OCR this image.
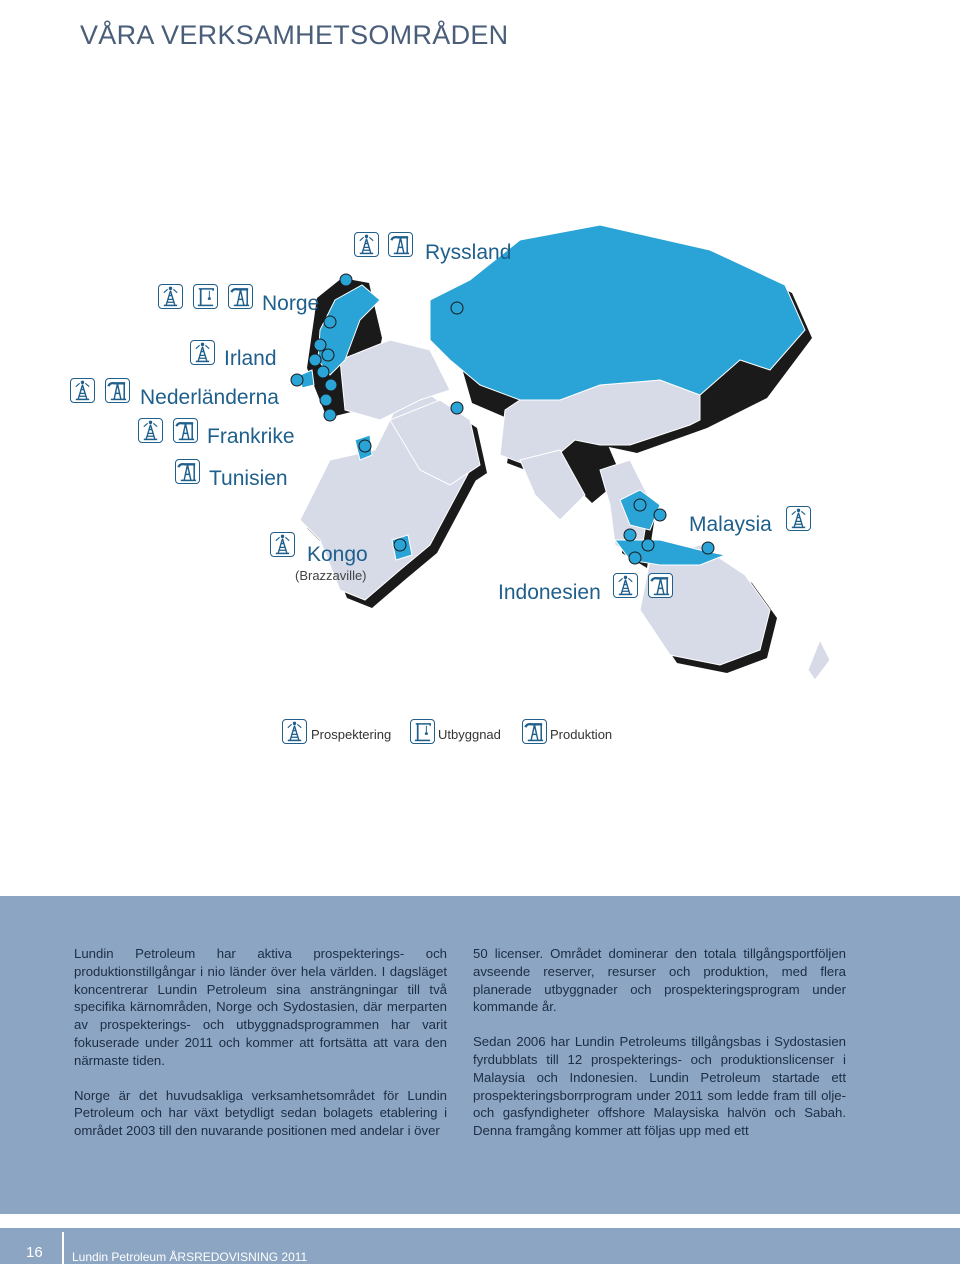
VÅRA VERKSAMHETSOMRÅDEN
Ryssland
Norge
Irland
Nederländerna
Frankrike
Tunisien
Kongo
(Brazzaville)
Malaysia
Indonesien
Prospektering	Utbyggnad	Produktion

Lundin Petroleum har aktiva prospekterings- och produktionstillgångar i nio länder över hela världen. I dagsläget koncentrerar Lundin Petroleum sina ansträngningar till två specifika kärnområden, Norge och Sydostasien, där merparten av prospekterings- och utbyggnadsprogrammen har varit fokuserade under 2011 och kommer att fortsätta att vara den närmaste tiden.

Norge är det huvudsakliga verksamhetsområdet för Lundin Petroleum och har växt betydligt sedan bolagets etablering i området 2003 till den nuvarande positionen med andelar i över

50 licenser. Området dominerar den totala tillgångsportföljen avseende reserver, resurser och produktion, med flera planerade utbyggnader och prospekteringsprogram under kommande år.

Sedan 2006 har Lundin Petroleums tillgångsbas i Sydostasien fyrdubblats till 12 prospekterings- och produktionslicenser i Malaysia och Indonesien. Lundin Petroleum startade ett prospekteringsborrprogram under 2011 som ledde fram till olje- och gasfyndigheter offshore Malaysiska halvön och Sabah. Denna framgång kommer att följas upp med ett

16 Lundin Petroleum ÅRSREDOVISNING 2011
